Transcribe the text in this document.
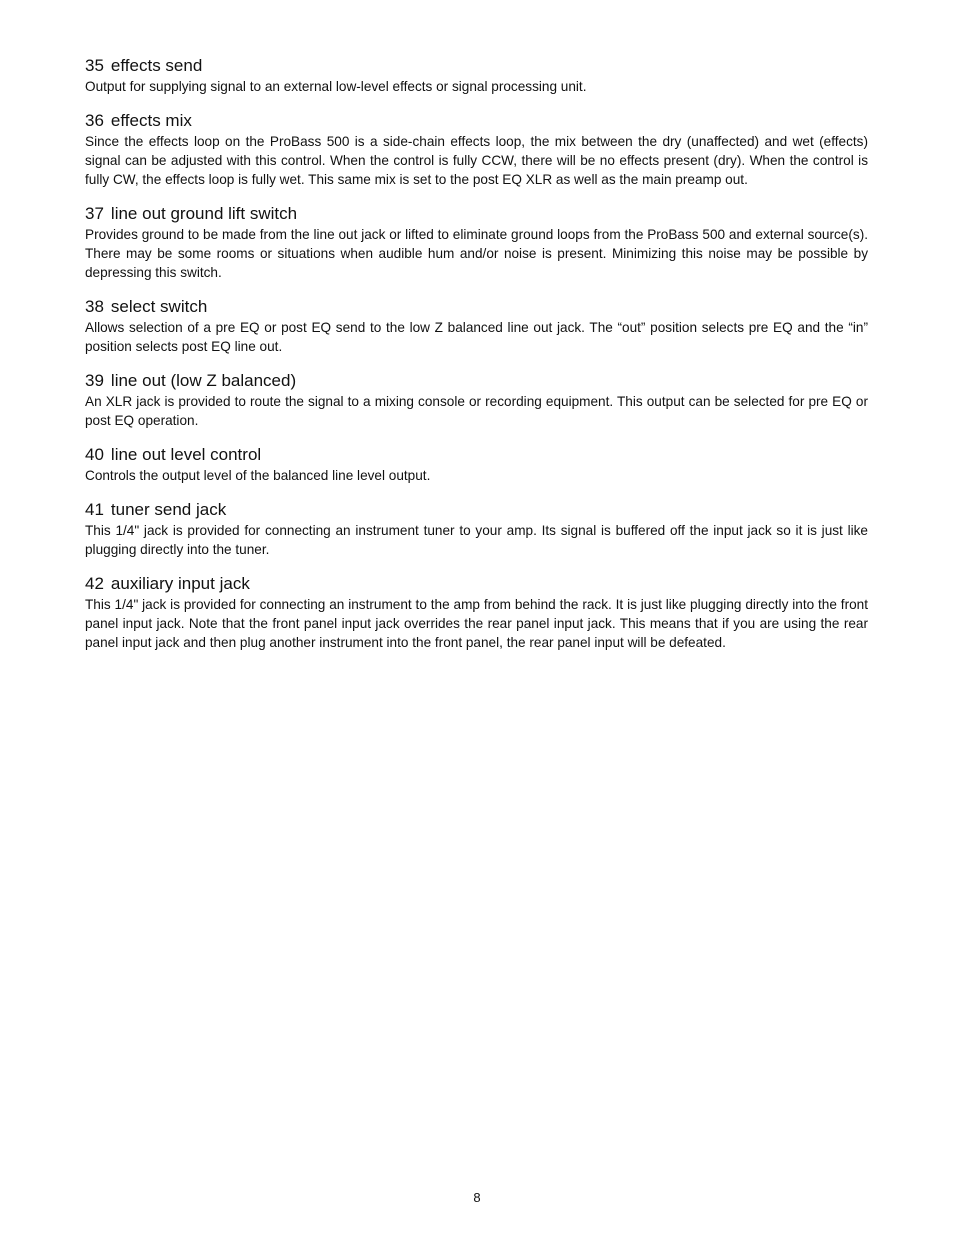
35 effects send

Output for supplying signal to an external low-level effects or signal processing unit.

36 effects mix

Since the effects loop on the ProBass 500 is a side-chain effects loop, the mix between the dry (unaffected) and wet (effects) signal can be adjusted with this control. When the control is fully CCW, there will be no effects present (dry). When the control is fully CW, the effects loop is fully wet. This same mix is set to the post EQ XLR as well as the main preamp out.

37 line out ground lift switch

Provides ground to be made from the line out jack or lifted to eliminate ground loops from the ProBass 500 and external source(s). There may be some rooms or situations when audible hum and/or noise is present. Minimizing this noise may be possible by depressing this switch.

38 select switch

Allows selection of a pre EQ or post EQ send to the low Z balanced line out jack. The “out” position selects pre EQ and the “in” position selects post EQ line out.

39 line out (low Z balanced)

An XLR jack is provided to route the signal to a mixing console or recording equipment. This output can be selected for pre EQ or post EQ operation.

40 line out level control

Controls the output level of the balanced line level output.

41 tuner send jack

This 1/4" jack is provided for connecting an instrument tuner to your amp. Its signal is buffered off the input jack so it is just like plugging directly into the tuner.

42 auxiliary input jack

This 1/4" jack is provided for connecting an instrument to the amp from behind the rack. It is just like plugging directly into the front panel input jack. Note that the front panel input jack overrides the rear panel input jack. This means that if you are using the rear panel input jack and then plug another instrument into the front panel, the rear panel input will be defeated.

8
